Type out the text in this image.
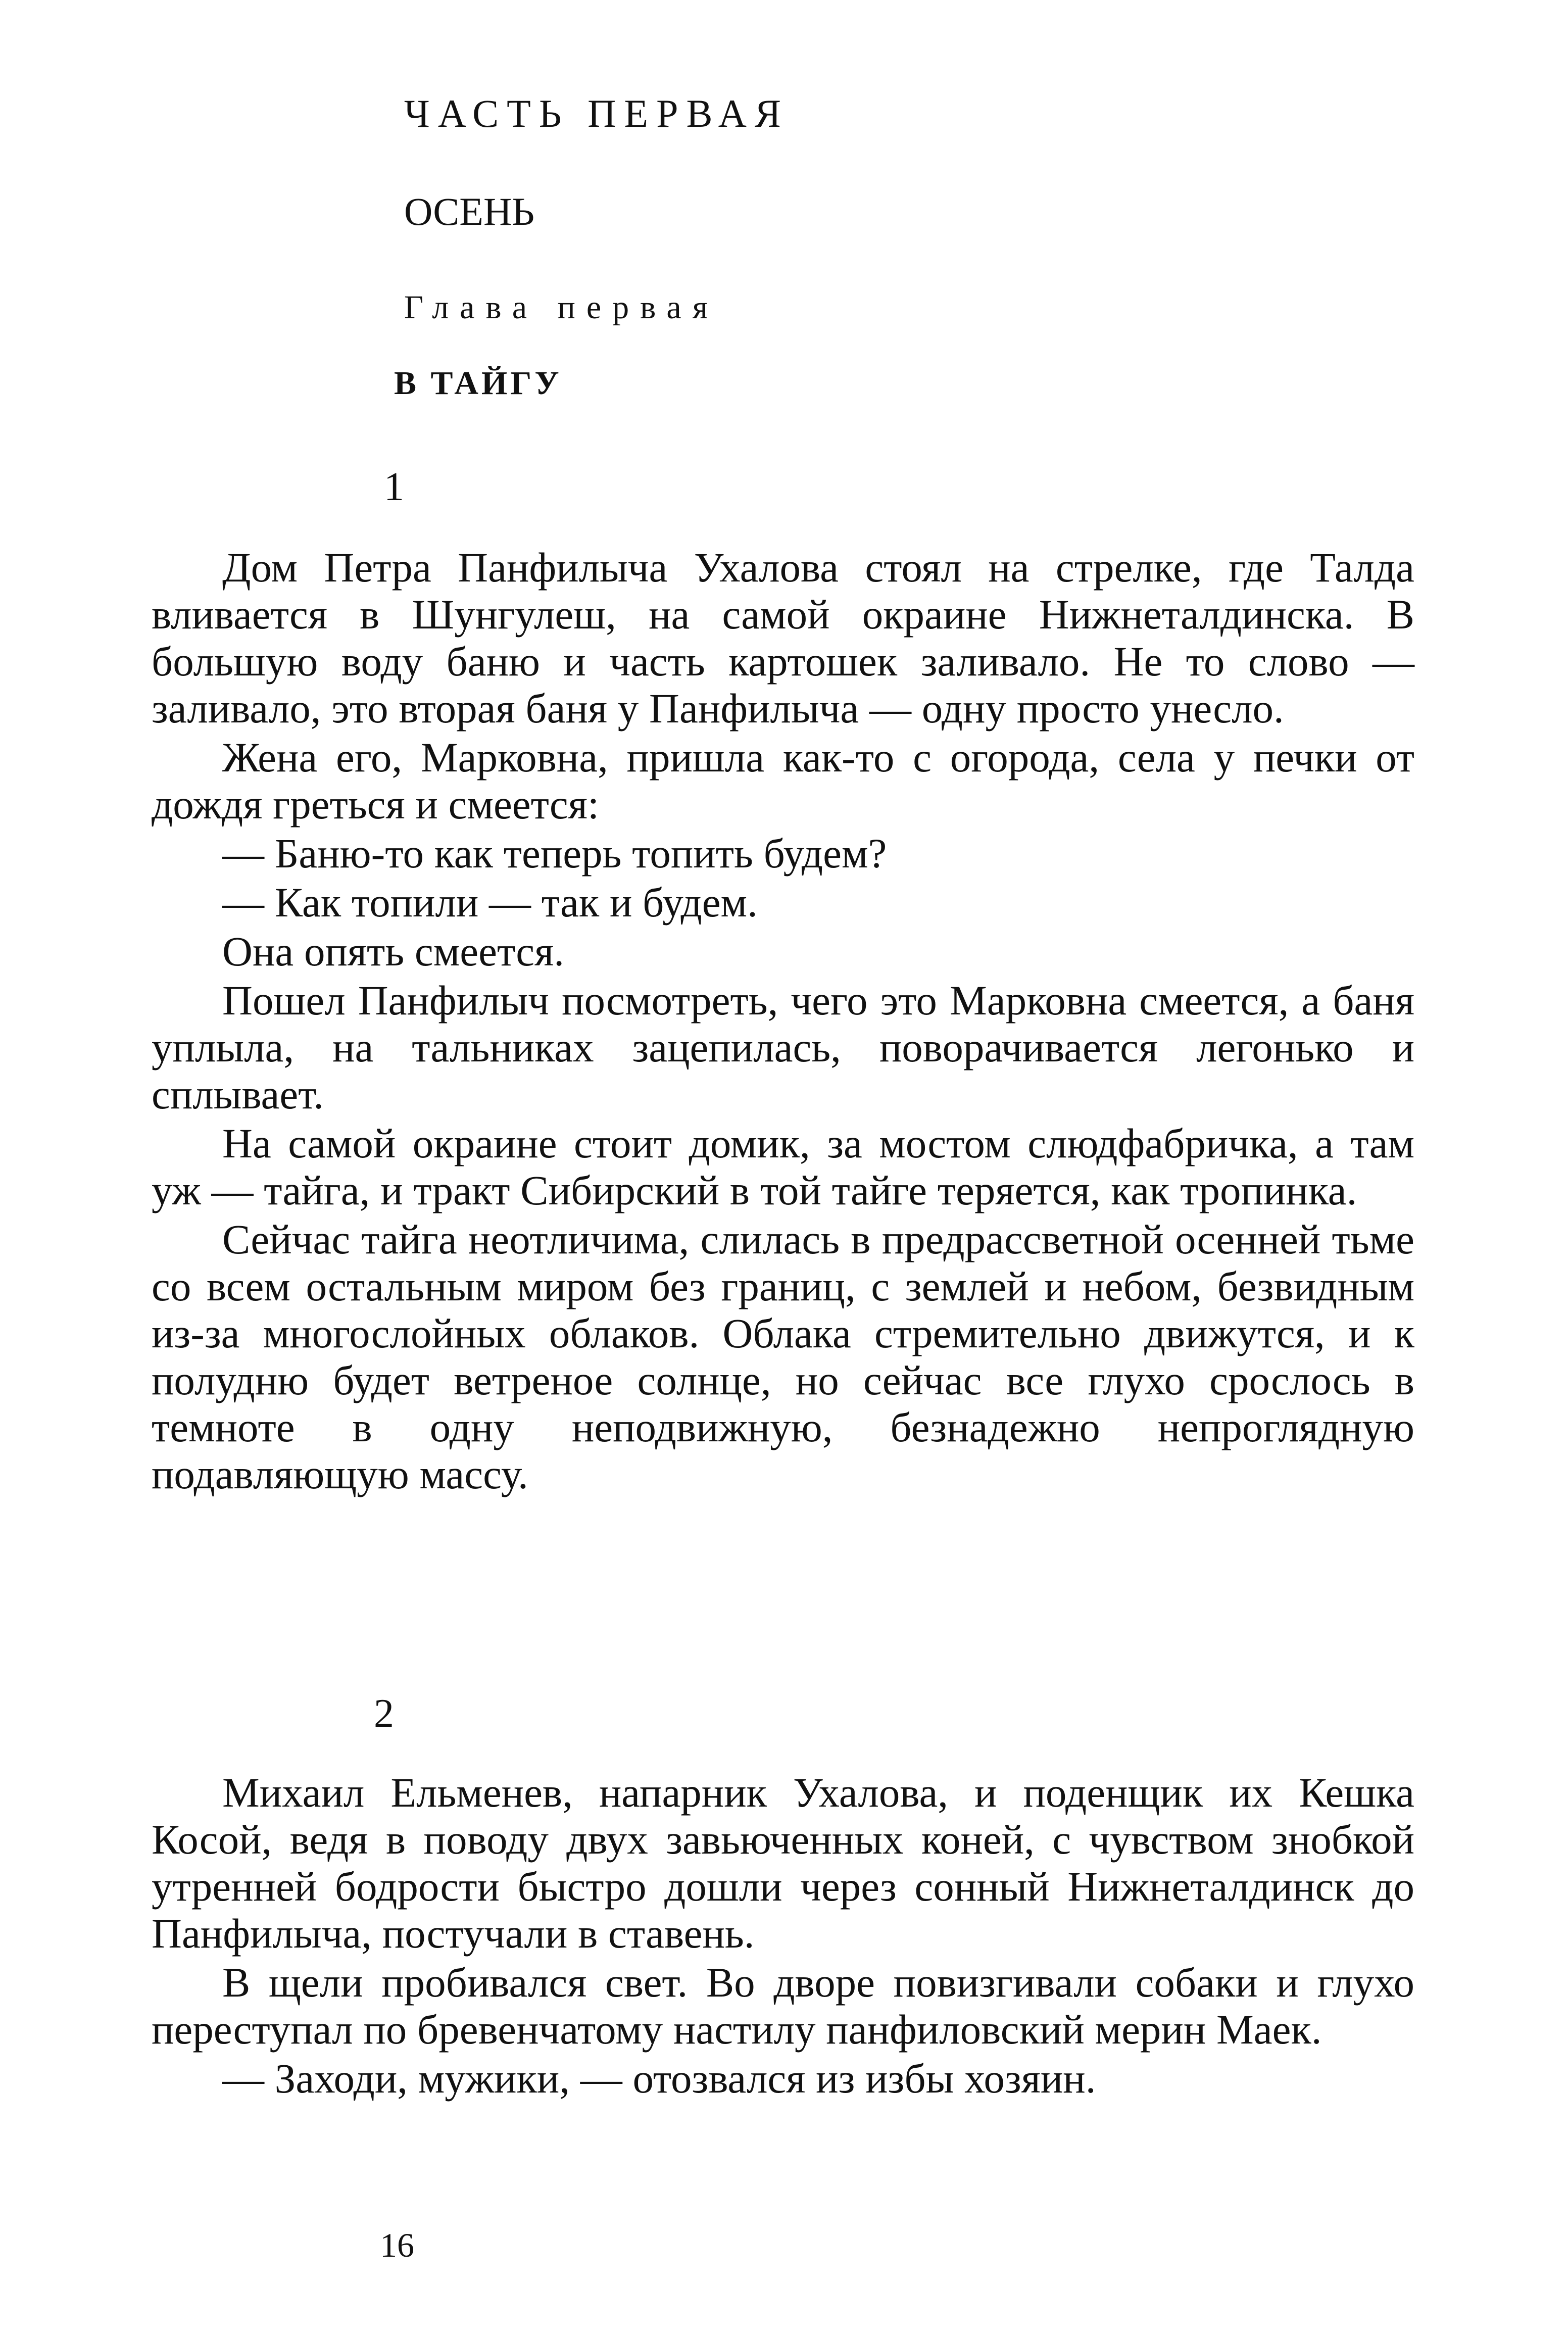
ЧАСТЬ ПЕРВАЯ
ОСЕНЬ
Глава первая
В ТАЙГУ
1

Дом Петра Панфилыча Ухалова стоял на стрелке, где Талда вливается в Шунгулеш, на самой окраине Нижнеталдинска. В большую воду баню и часть картошек заливало. Не то слово — заливало, это вторая баня у Панфилыча — одну просто унесло.

Жена его, Марковна, пришла как-то с огорода, села у печки от дождя греться и смеется:

— Баню-то как теперь топить будем?

— Как топили — так и будем.

Она опять смеется.

Пошел Панфилыч посмотреть, чего это Марковна смеется, а баня уплыла, на тальниках зацепилась, поворачивается легонько и сплывает.

На самой окраине стоит домик, за мостом слюдфабричка, а там уж — тайга, и тракт Сибирский в той тайге теряется, как тропинка.

Сейчас тайга неотличима, слилась в предрассветной осенней тьме со всем остальным миром без границ, с землей и небом, безвидным из-за многослойных облаков. Облака стремительно движутся, и к полудню будет ветреное солнце, но сейчас все глухо срослось в темноте в одну неподвижную, безнадежно непроглядную подавляющую массу.

2

Михаил Ельменев, напарник Ухалова, и поденщик их Кешка Косой, ведя в поводу двух завьюченных коней, с чувством знобкой утренней бодрости быстро дошли через сонный Нижнеталдинск до Панфилыча, постучали в ставень.

В щели пробивался свет. Во дворе повизгивали собаки и глухо переступал по бревенчатому настилу панфиловский мерин Маек.

— Заходи, мужики, — отозвался из избы хозяин.

16
